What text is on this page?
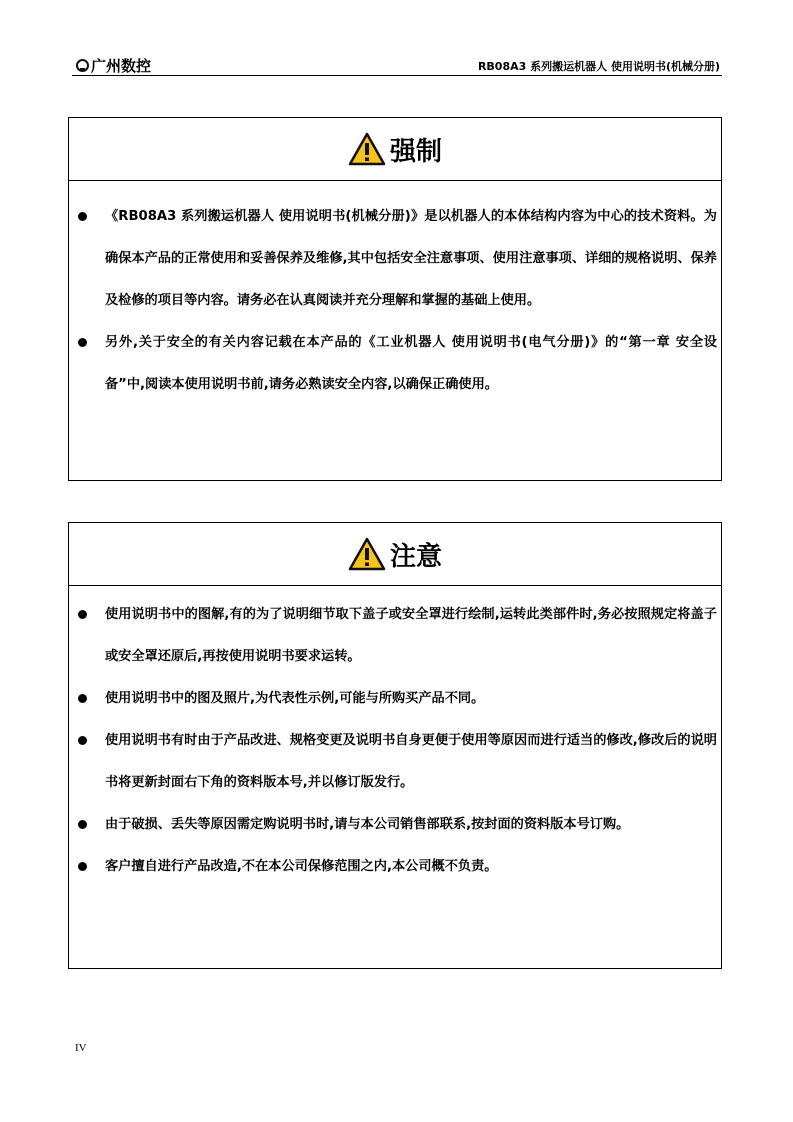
广州数控	RB08A3 系列搬运机器人 使用说明书(机械分册)
强制
《RB08A3 系列搬运机器人 使用说明书(机械分册)》是以机器人的本体结构内容为中心的技术资料。为确保本产品的正常使用和妥善保养及维修,其中包括安全注意事项、使用注意事项、详细的规格说明、保养及检修的项目等内容。请务必在认真阅读并充分理解和掌握的基础上使用。
另外,关于安全的有关内容记载在本产品的《工业机器人 使用说明书(电气分册)》的“第一章 安全设备”中,阅读本使用说明书前,请务必熟读安全内容,以确保正确使用。
注意
使用说明书中的图解,有的为了说明细节取下盖子或安全罩进行绘制,运转此类部件时,务必按照规定将盖子或安全罩还原后,再按使用说明书要求运转。
使用说明书中的图及照片,为代表性示例,可能与所购买产品不同。
使用说明书有时由于产品改进、规格变更及说明书自身更便于使用等原因而进行适当的修改,修改后的说明书将更新封面右下角的资料版本号,并以修订版发行。
由于破损、丢失等原因需定购说明书时,请与本公司销售部联系,按封面的资料版本号订购。
客户擅自进行产品改造,不在本公司保修范围之内,本公司概不负责。
IV
